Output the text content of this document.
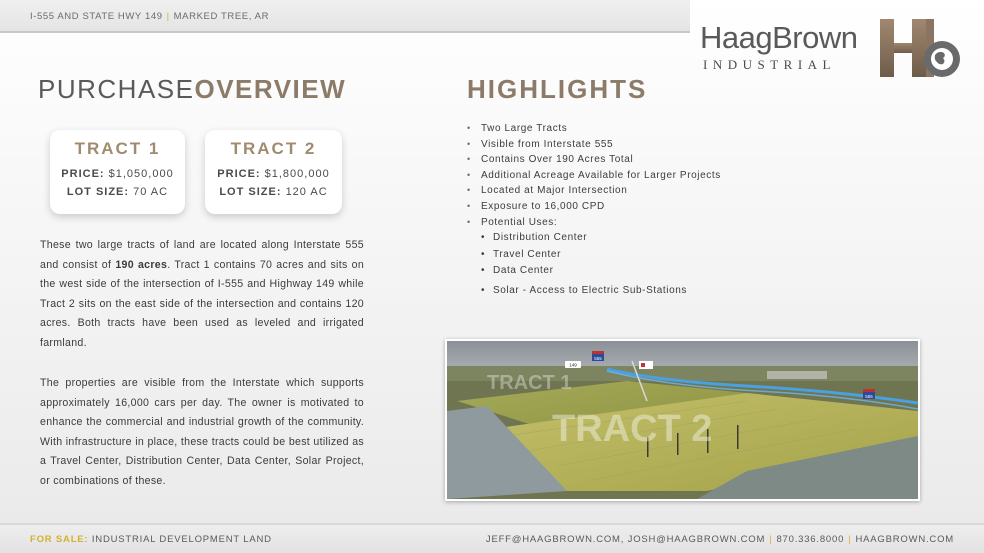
I-555 AND STATE HWY 149 | MARKED TREE, AR
HaagBrown
INDUSTRIAL
PURCHASEOVERVIEW
TRACT 1
PRICE: $1,050,000
LOT SIZE: 70 AC
TRACT 2
PRICE: $1,800,000
LOT SIZE: 120 AC

These two large tracts of land are located along Interstate 555 and consist of 190 acres. Tract 1 contains 70 acres and sits on the west side of the intersection of I-555 and Highway 149 while Tract 2 sits on the east side of the intersection and contains 120 acres. Both tracts have been used as leveled and irrigated farmland.

The properties are visible from the Interstate which supports approximately 16,000 cars per day. The owner is motivated to enhance the commercial and industrial growth of the community. With infrastructure in place, these tracts could be best utilized as a Travel Center, Distribution Center, Data Center, Solar Project, or combinations of these.

HIGHLIGHTS
• Two Large Tracts
• Visible from Interstate 555
• Contains Over 190 Acres Total
• Additional Acreage Available for Larger Projects
• Located at Major Intersection
• Exposure to 16,000 CPD
• Potential Uses:
• Distribution Center
• Travel Center
• Data Center
• Solar - Access to Electric Sub-Stations
TRACT 1
TRACT 2
555
149
555
FOR SALE: INDUSTRIAL DEVELOPMENT LAND	JEFF@HAAGBROWN.COM, JOSH@HAAGBROWN.COM | 870.336.8000 | HAAGBROWN.COM
